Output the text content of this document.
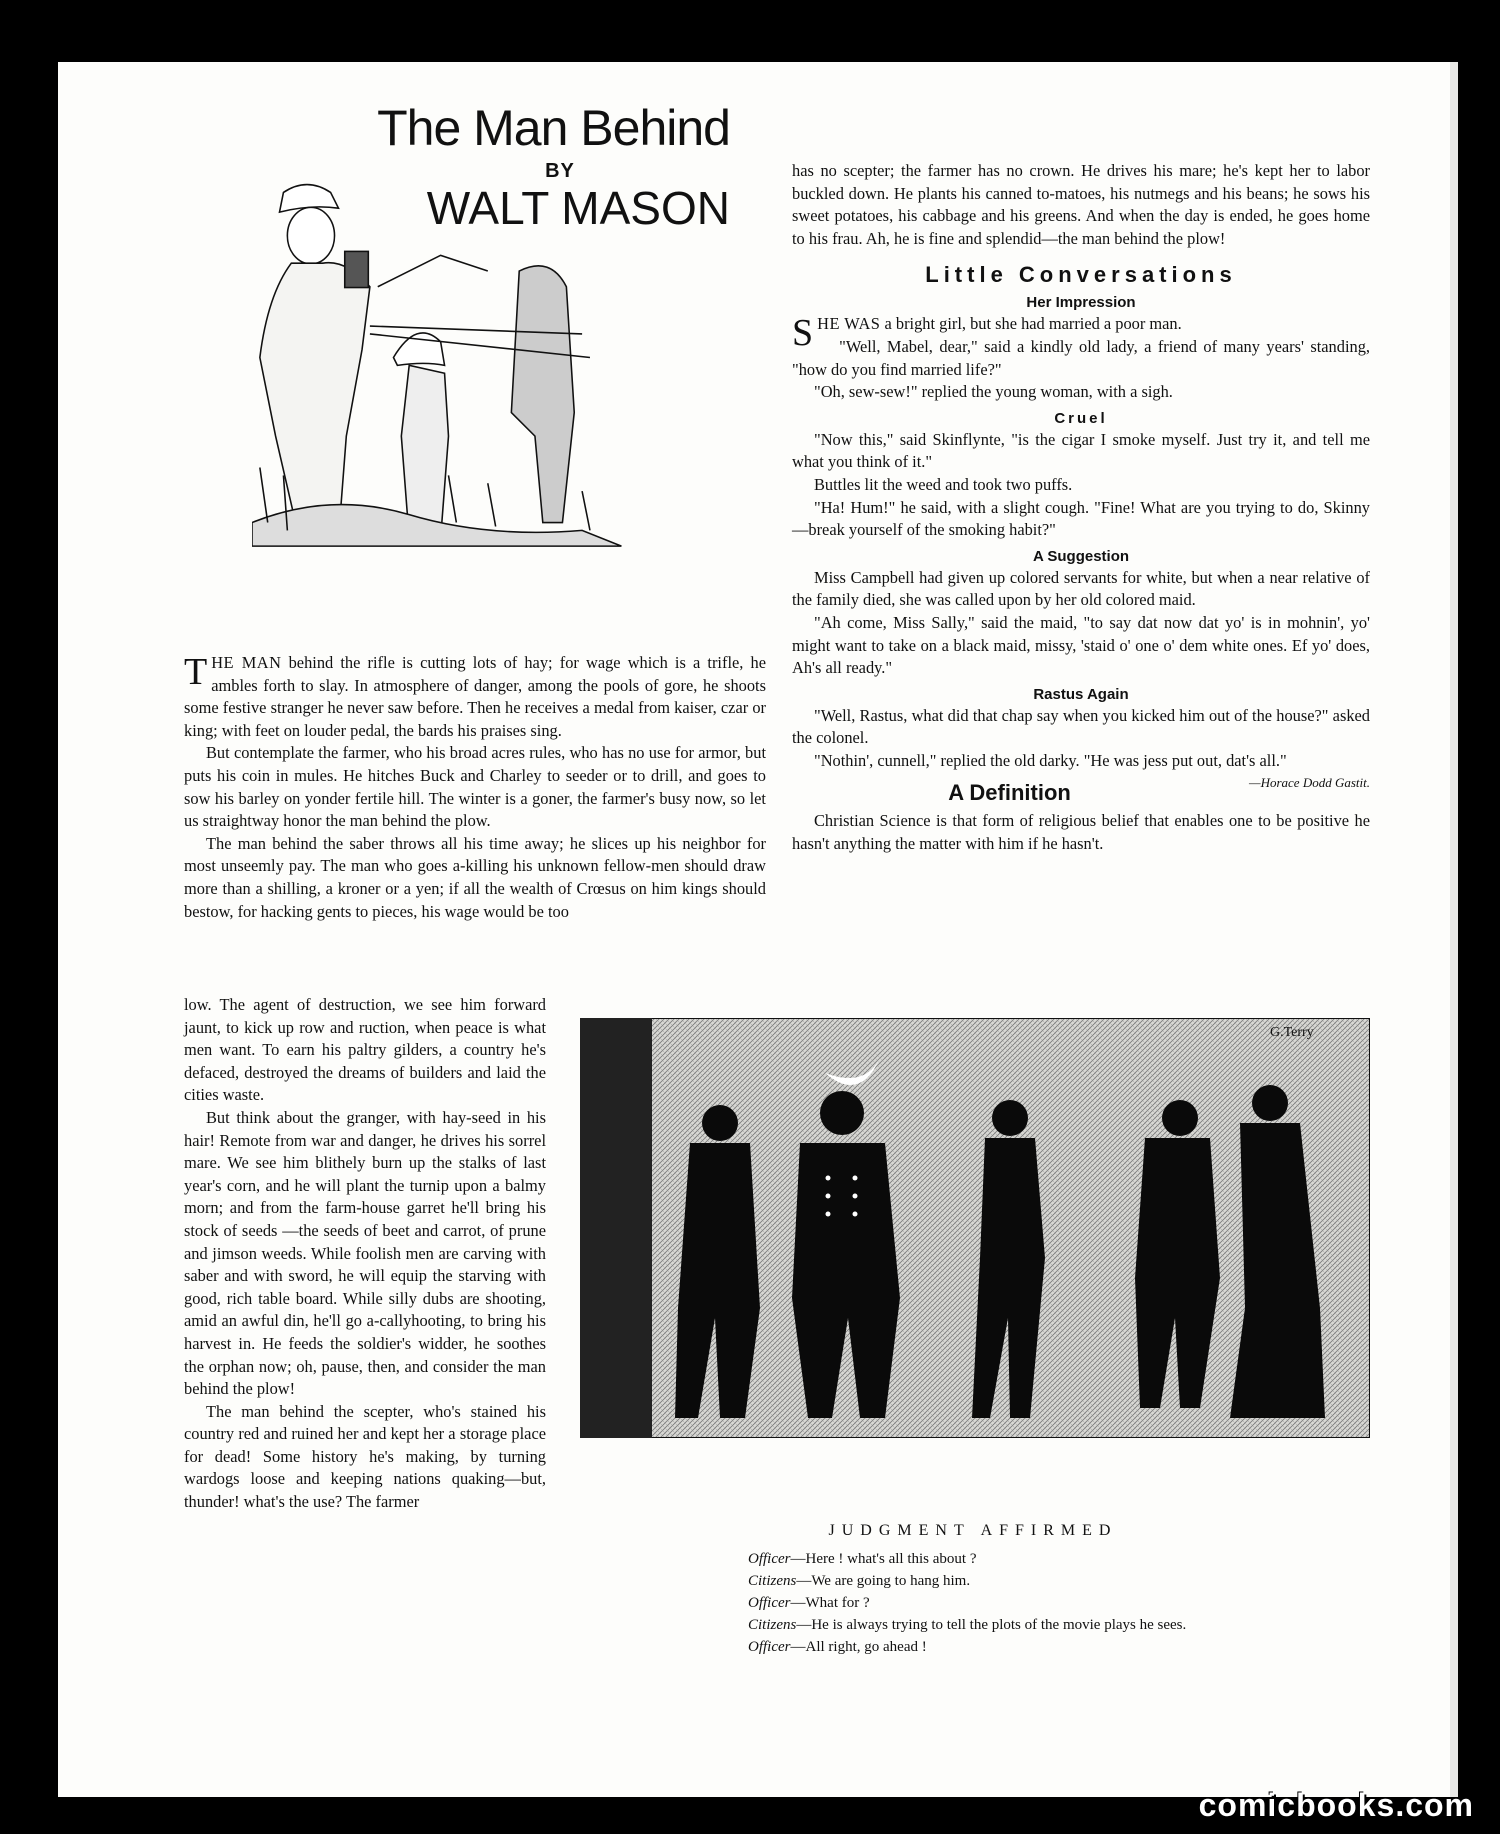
The Man Behind
BY
WALT MASON

THE MAN behind the rifle is cutting lots of hay; for wage which is a trifle, he ambles forth to slay. In atmosphere of danger, among the pools of gore, he shoots some festive stranger he never saw before. Then he receives a medal from kaiser, czar or king; with feet on louder pedal, the bards his praises sing.

But contemplate the farmer, who his broad acres rules, who has no use for armor, but puts his coin in mules. He hitches Buck and Charley to seeder or to drill, and goes to sow his barley on yonder fertile hill. The winter is a goner, the farmer's busy now, so let us straightway honor the man behind the plow.

The man behind the saber throws all his time away; he slices up his neighbor for most unseemly pay. The man who goes a-killing his unknown fellow-men should draw more than a shilling, a kroner or a yen; if all the wealth of Crœsus on him kings should bestow, for hacking gents to pieces, his wage would be too

low. The agent of destruction, we see him forward jaunt, to kick up row and ruction, when peace is what men want. To earn his paltry gilders, a country he's defaced, destroyed the dreams of builders and laid the cities waste.

But think about the granger, with hay-seed in his hair! Remote from war and danger, he drives his sorrel mare. We see him blithely burn up the stalks of last year's corn, and he will plant the turnip upon a balmy morn; and from the farm-house garret he'll bring his stock of seeds —the seeds of beet and carrot, of prune and jimson weeds. While foolish men are carving with saber and with sword, he will equip the starving with good, rich table board. While silly dubs are shooting, amid an awful din, he'll go a-callyhooting, to bring his harvest in. He feeds the soldier's widder, he soothes the orphan now; oh, pause, then, and consider the man behind the plow!

The man behind the scepter, who's stained his country red and ruined her and kept her a storage place for dead! Some history he's making, by turning wardogs loose and keeping nations quaking—but, thunder! what's the use? The farmer

has no scepter; the farmer has no crown. He drives his mare; he's kept her to labor buckled down. He plants his canned to-matoes, his nutmegs and his beans; he sows his sweet potatoes, his cabbage and his greens. And when the day is ended, he goes home to his frau. Ah, he is fine and splendid—the man behind the plow!

Little Conversations
Her Impression

SHE WAS a bright girl, but she had married a poor man.

"Well, Mabel, dear," said a kindly old lady, a friend of many years' standing, "how do you find married life?"

"Oh, sew-sew!" replied the young woman, with a sigh.

Cruel

"Now this," said Skinflynte, "is the cigar I smoke myself. Just try it, and tell me what you think of it."

Buttles lit the weed and took two puffs.

"Ha! Hum!" he said, with a slight cough. "Fine! What are you trying to do, Skinny—break yourself of the smoking habit?"

A Suggestion

Miss Campbell had given up colored servants for white, but when a near relative of the family died, she was called upon by her old colored maid.

"Ah come, Miss Sally," said the maid, "to say dat now dat yo' is in mohnin', yo' might want to take on a black maid, missy, 'staid o' one o' dem white ones. Ef yo' does, Ah's all ready."

Rastus Again

"Well, Rastus, what did that chap say when you kicked him out of the house?" asked the colonel.

"Nothin', cunnell," replied the old darky. "He was jess put out, dat's all."
—Horace Dodd Gastit.

A Definition

Christian Science is that form of religious belief that enables one to be positive he hasn't anything the matter with him if he hasn't.

G.Terry
JUDGMENT AFFIRMED
Officer—Here ! what's all this about ?
Citizens—We are going to hang him.
Officer—What for ?
Citizens—He is always trying to tell the plots of the movie plays he sees.
Officer—All right, go ahead !
comicbooks.com
